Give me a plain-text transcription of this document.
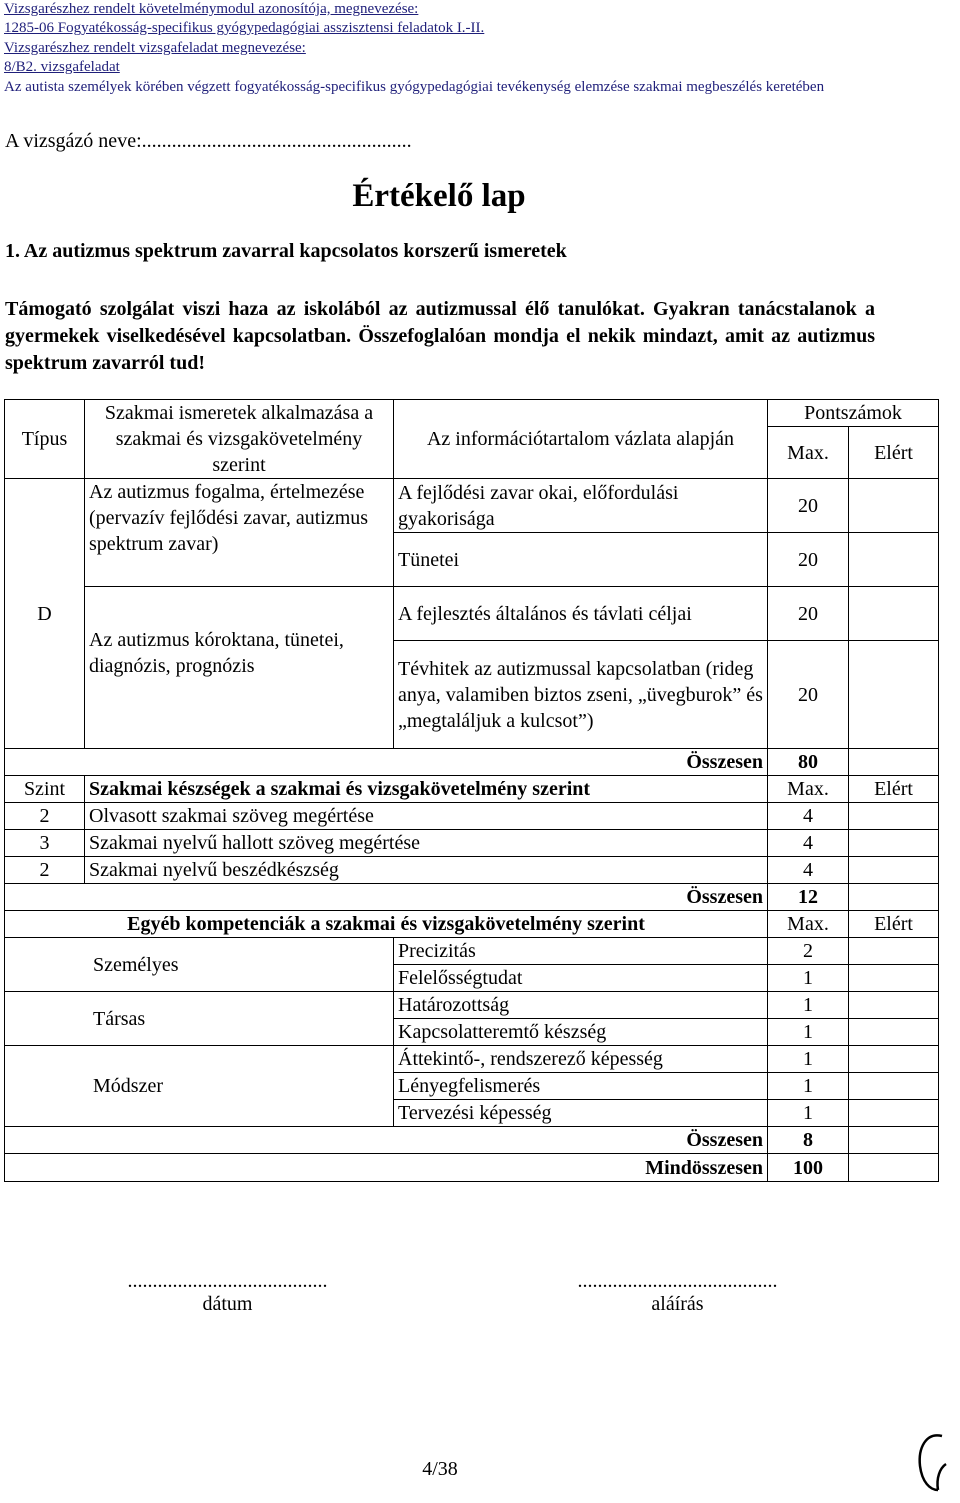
Vizsgarészhez rendelt követelménymodul azonosítója, megnevezése:
1285-06 Fogyatékosság-specifikus gyógypedagógiai asszisztensi feladatok I.-II.
Vizsgarészhez rendelt vizsgafeladat megnevezése:
8/B2. vizsgafeladat
Az autista személyek körében végzett fogyatékosság-specifikus gyógypedagógiai tevékenység elemzése szakmai megbeszélés keretében
A vizsgázó neve:......................................................
Értékelő lap
1. Az autizmus spektrum zavarral kapcsolatos korszerű ismeretek
Támogató szolgálat viszi haza az iskolából az autizmussal élő tanulókat. Gyakran tanácstalanok a gyermekek viselkedésével kapcsolatban. Összefoglalóan mondja el nekik mindazt, amit az autizmus spektrum zavarról tud!
Típus	Szakmai ismeretek alkalmazása a szakmai és vizsgakövetelmény szerint	Az információtartalom vázlata alapján	Pontszámok	
			Max.	Elért
D	Az autizmus fogalma, értelmezése (pervazív fejlődési zavar, autizmus spektrum zavar)	A fejlődési zavar okai, előfordulási gyakorisága	20	
		Tünetei	20	
	Az autizmus kóroktana, tünetei, diagnózis, prognózis	A fejlesztés általános és távlati céljai	20	
		Tévhitek az autizmussal kapcsolatban (rideg anya, valamiben biztos zseni, „üvegburok” és „megtaláljuk a kulcsot”)	20	
Összesen			80	
Szint	Szakmai készségek a szakmai és vizsgakövetelmény szerint		Max.	Elért
2	Olvasott szakmai szöveg megértése		4	
3	Szakmai nyelvű hallott szöveg megértése		4	
2	Szakmai nyelvű beszédkészség		4	
Összesen			12	
Egyéb kompetenciák a szakmai és vizsgakövetelmény szerint			Max.	Elért
Személyes		Precizitás	2	
		Felelősségtudat	1	
Társas		Határozottság	1	
		Kapcsolatteremtő készség	1	
Módszer		Áttekintő-, rendszerező képesség	1	
		Lényegfelismerés	1	
		Tervezési képesség	1	
Összesen			8	
Mindösszesen			100	
........................................
dátum
........................................
aláírás
4/38
